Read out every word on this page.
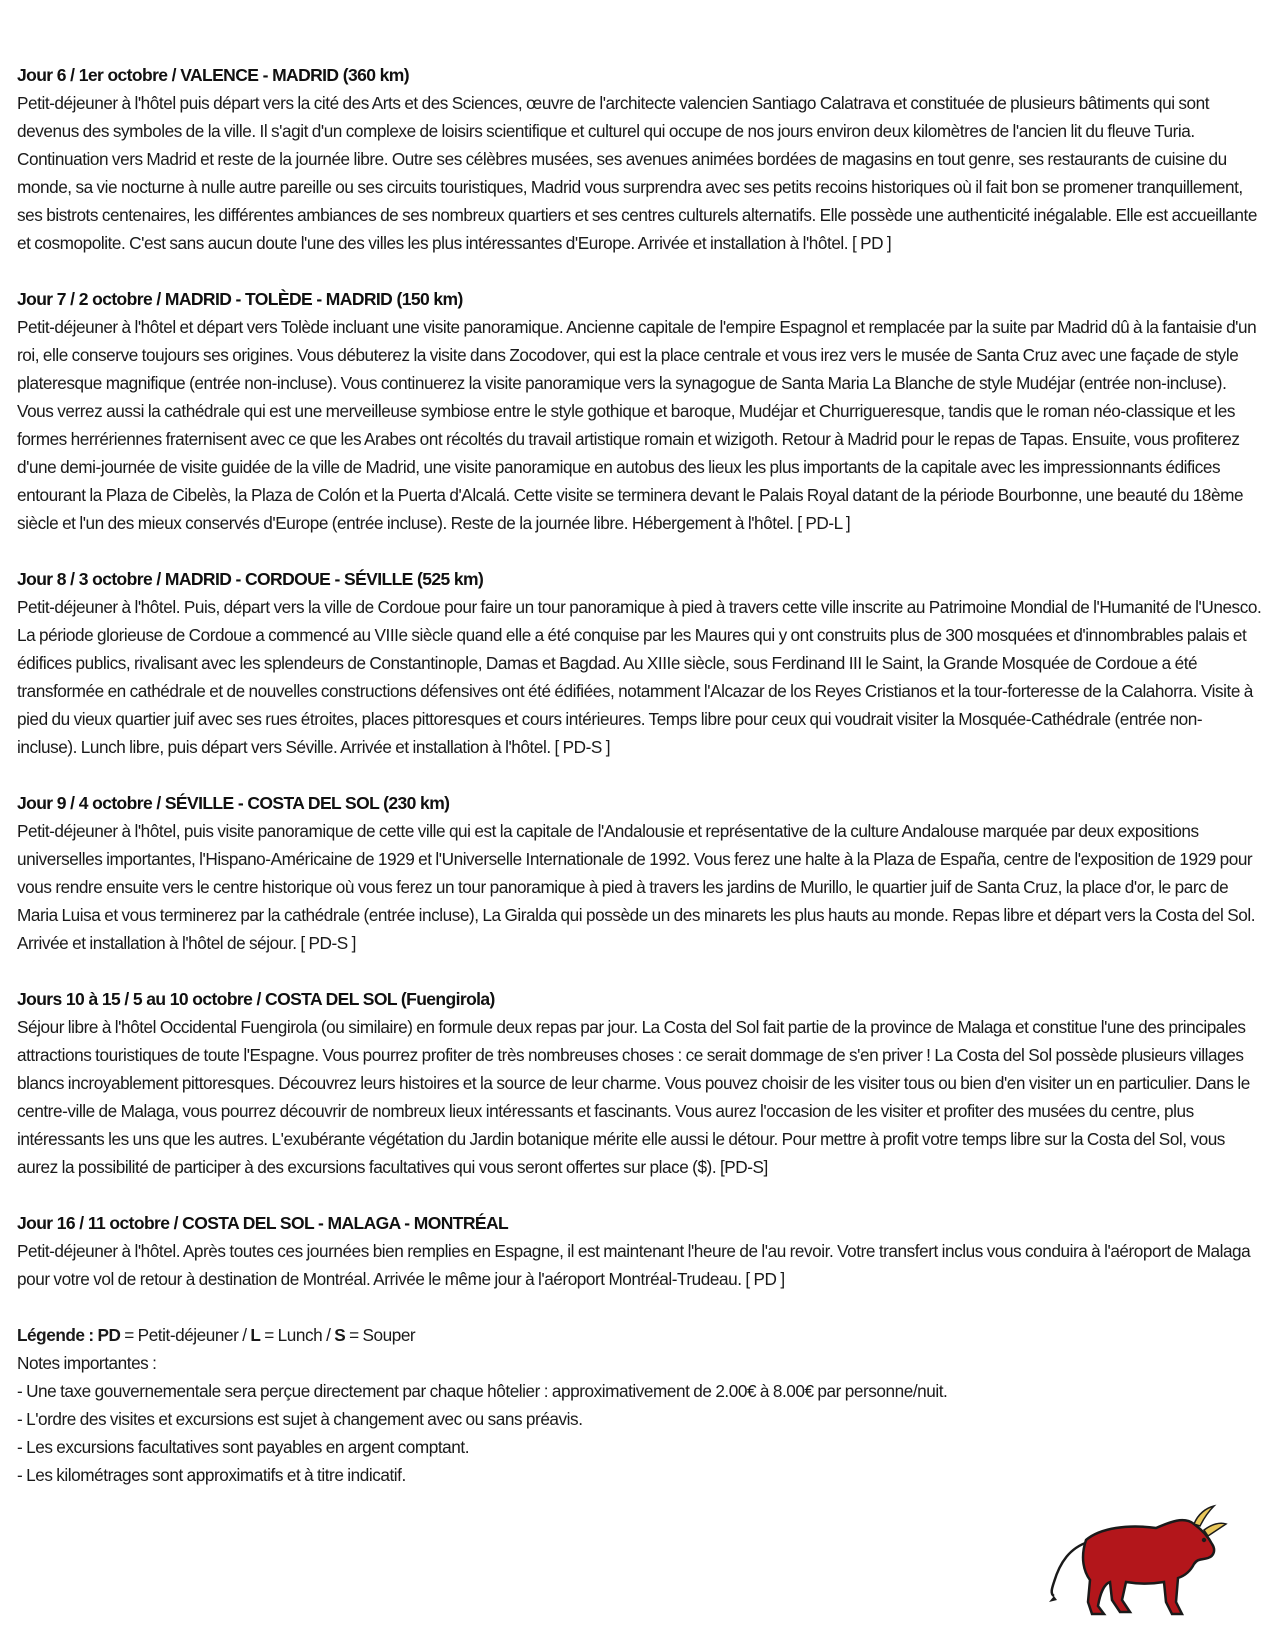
Jour 6 / 1er octobre / VALENCE - MADRID (360 km)

Petit-déjeuner à l'hôtel puis départ vers la cité des Arts et des Sciences, œuvre de l'architecte valencien Santiago Calatrava et constituée de plusieurs bâtiments qui sont devenus des symboles de la ville. Il s'agit d'un complexe de loisirs scientifique et culturel qui occupe de nos jours environ deux kilomètres de l'ancien lit du fleuve Turia. Continuation vers Madrid et reste de la journée libre. Outre ses célèbres musées, ses avenues animées bordées de magasins en tout genre, ses restaurants de cuisine du monde, sa vie nocturne à nulle autre pareille ou ses circuits touristiques, Madrid vous surprendra avec ses petits recoins historiques où il fait bon se promener tranquillement, ses bistrots centenaires, les différentes ambiances de ses nombreux quartiers et ses centres culturels alternatifs. Elle possède une authenticité inégalable. Elle est accueillante et cosmopolite. C'est sans aucun doute l'une des villes les plus intéressantes d'Europe. Arrivée et installation à l'hôtel. [ PD ]

Jour 7 / 2 octobre / MADRID - TOLÈDE - MADRID (150 km)

Petit-déjeuner à l'hôtel et départ vers Tolède incluant une visite panoramique. Ancienne capitale de l'empire Espagnol et remplacée par la suite par Madrid dû à la fantaisie d'un roi, elle conserve toujours ses origines. Vous débuterez la visite dans Zocodover, qui est la place centrale et vous irez vers le musée de Santa Cruz avec une façade de style plateresque magnifique (entrée non-incluse). Vous continuerez la visite panoramique vers la synagogue de Santa Maria La Blanche de style Mudéjar (entrée non-incluse). Vous verrez aussi la cathédrale qui est une merveilleuse symbiose entre le style gothique et baroque, Mudéjar et Churrigueresque, tandis que le roman néo-classique et les formes herrériennes fraternisent avec ce que les Arabes ont récoltés du travail artistique romain et wizigoth. Retour à Madrid pour le repas de Tapas. Ensuite, vous profiterez d'une demi-journée de visite guidée de la ville de Madrid, une visite panoramique en autobus des lieux les plus importants de la capitale avec les impressionnants édifices entourant la Plaza de Cibelès, la Plaza de Colón et la Puerta d'Alcalá. Cette visite se terminera devant le Palais Royal datant de la période Bourbonne, une beauté du 18ème siècle et l'un des mieux conservés d'Europe (entrée incluse). Reste de la journée libre. Hébergement à l'hôtel. [ PD-L ]

Jour 8 / 3 octobre / MADRID - CORDOUE - SÉVILLE (525 km)

Petit-déjeuner à l'hôtel. Puis, départ vers la ville de Cordoue pour faire un tour panoramique à pied à travers cette ville inscrite au Patrimoine Mondial de l'Humanité de l'Unesco. La période glorieuse de Cordoue a commencé au VIIIe siècle quand elle a été conquise par les Maures qui y ont construits plus de 300 mosquées et d'innombrables palais et édifices publics, rivalisant avec les splendeurs de Constantinople, Damas et Bagdad. Au XIIIe siècle, sous Ferdinand III le Saint, la Grande Mosquée de Cordoue a été transformée en cathédrale et de nouvelles constructions défensives ont été édifiées, notamment l'Alcazar de los Reyes Cristianos et la tour-forteresse de la Calahorra. Visite à pied du vieux quartier juif avec ses rues étroites, places pittoresques et cours intérieures. Temps libre pour ceux qui voudrait visiter la Mosquée-Cathédrale (entrée non-incluse). Lunch libre, puis départ vers Séville. Arrivée et installation à l'hôtel. [ PD-S ]

Jour 9 / 4 octobre / SÉVILLE - COSTA DEL SOL (230 km)

Petit-déjeuner à l'hôtel, puis visite panoramique de cette ville qui est la capitale de l'Andalousie et représentative de la culture Andalouse marquée par deux expositions universelles importantes, l'Hispano-Américaine de 1929 et l'Universelle Internationale de 1992. Vous ferez une halte à la Plaza de España, centre de l'exposition de 1929 pour vous rendre ensuite vers le centre historique où vous ferez un tour panoramique à pied à travers les jardins de Murillo, le quartier juif de Santa Cruz, la place d'or, le parc de Maria Luisa et vous terminerez par la cathédrale (entrée incluse), La Giralda qui possède un des minarets les plus hauts au monde. Repas libre et départ vers la Costa del Sol. Arrivée et installation à l'hôtel de séjour. [ PD-S ]

Jours 10 à 15 / 5 au 10 octobre / COSTA DEL SOL (Fuengirola)

Séjour libre à l'hôtel Occidental Fuengirola (ou similaire) en formule deux repas par jour. La Costa del Sol fait partie de la province de Malaga et constitue l'une des principales attractions touristiques de toute l'Espagne. Vous pourrez profiter de très nombreuses choses : ce serait dommage de s'en priver ! La Costa del Sol possède plusieurs villages blancs incroyablement pittoresques. Découvrez leurs histoires et la source de leur charme. Vous pouvez choisir de les visiter tous ou bien d'en visiter un en particulier. Dans le centre-ville de Malaga, vous pourrez découvrir de nombreux lieux intéressants et fascinants. Vous aurez l'occasion de les visiter et profiter des musées du centre, plus intéressants les uns que les autres. L'exubérante végétation du Jardin botanique mérite elle aussi le détour. Pour mettre à profit votre temps libre sur la Costa del Sol, vous aurez la possibilité de participer à des excursions facultatives qui vous seront offertes sur place ($). [PD-S]

Jour 16 / 11 octobre / COSTA DEL SOL - MALAGA - MONTRÉAL

Petit-déjeuner à l'hôtel. Après toutes ces journées bien remplies en Espagne, il est maintenant l'heure de l'au revoir. Votre transfert inclus vous conduira à l'aéroport de Malaga pour votre vol de retour à destination de Montréal. Arrivée le même jour à l'aéroport Montréal-Trudeau. [ PD ]

Légende : PD = Petit-déjeuner / L = Lunch / S = Souper
Notes importantes :
- Une taxe gouvernementale sera perçue directement par chaque hôtelier : approximativement de 2.00€ à 8.00€ par personne/nuit.
- L'ordre des visites et excursions est sujet à changement avec ou sans préavis.
- Les excursions facultatives sont payables en argent comptant.
- Les kilométrages sont approximatifs et à titre indicatif.
